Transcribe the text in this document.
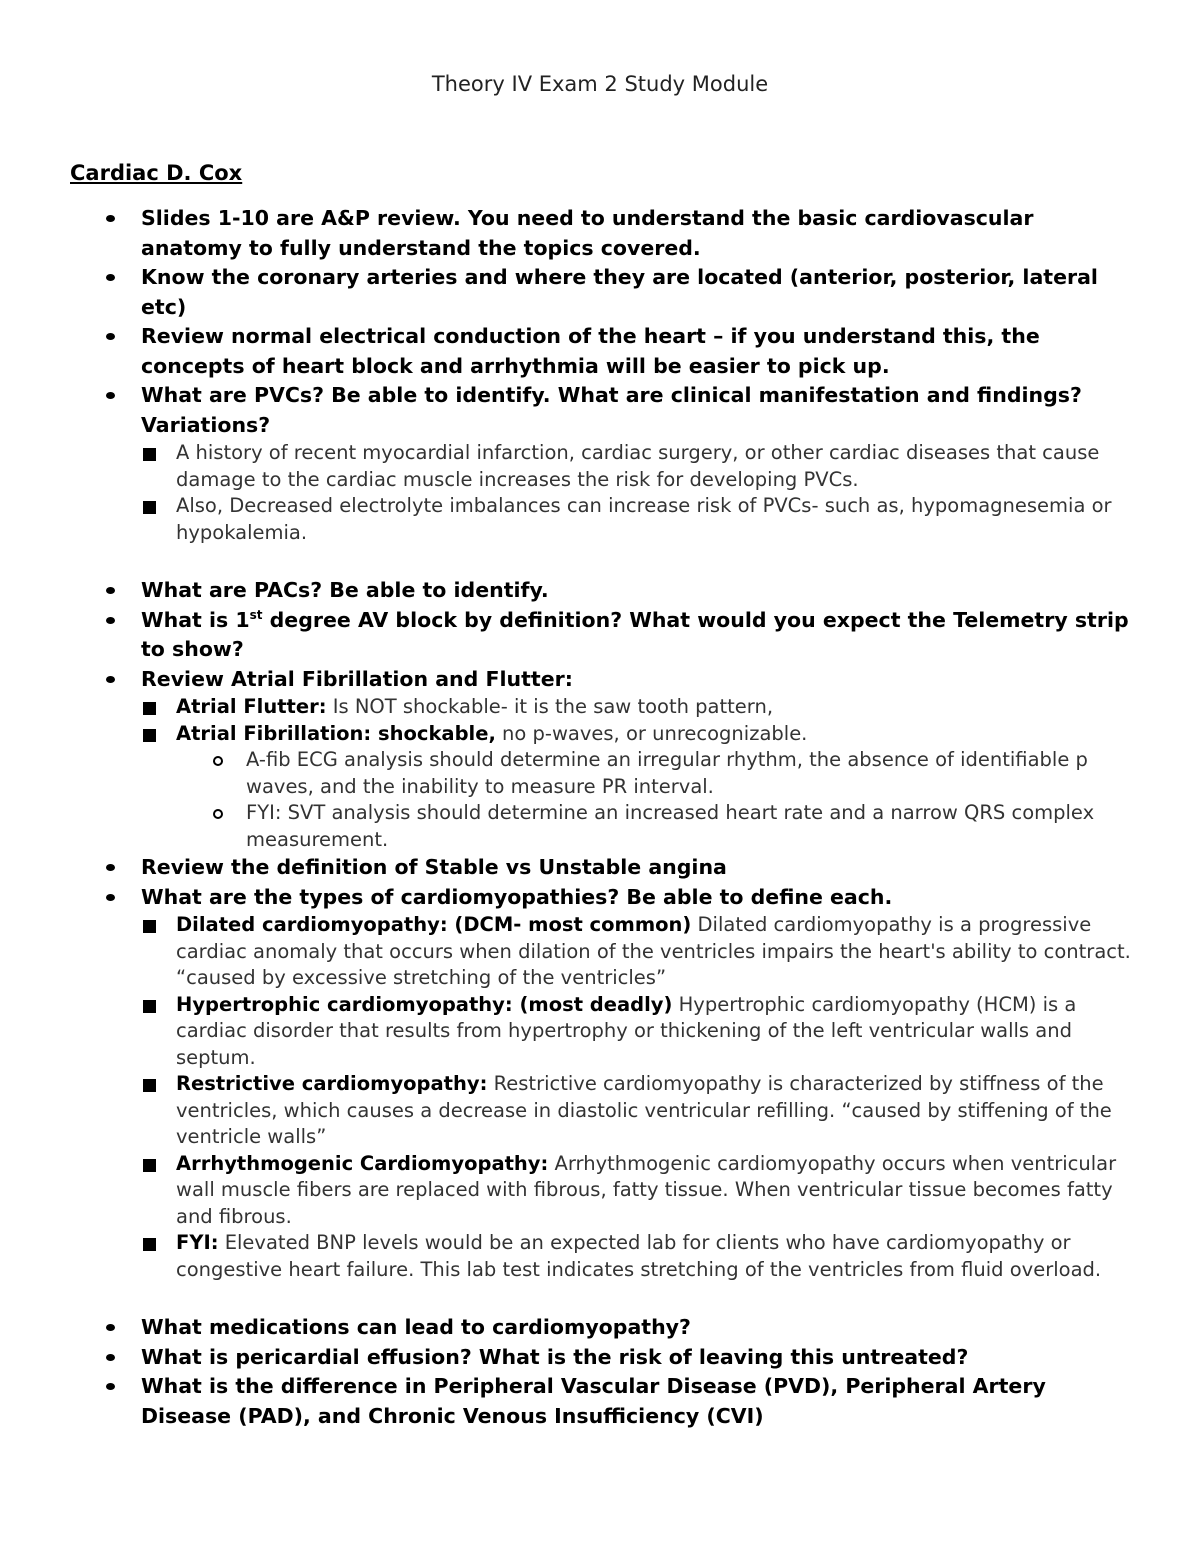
Theory IV Exam 2 Study Module
Cardiac D. Cox
Slides 1-10 are A&P review. You need to understand the basic cardiovascular anatomy to fully understand the topics covered.
Know the coronary arteries and where they are located (anterior, posterior, lateral etc)
Review normal electrical conduction of the heart – if you understand this, the concepts of heart block and arrhythmia will be easier to pick up.
What are PVCs? Be able to identify. What are clinical manifestation and findings? Variations?
A history of recent myocardial infarction, cardiac surgery, or other cardiac diseases that cause damage to the cardiac muscle increases the risk for developing PVCs.
Also, Decreased electrolyte imbalances can increase risk of PVCs- such as, hypomagnesemia or hypokalemia.
What are PACs? Be able to identify.
What is 1st degree AV block by definition? What would you expect the Telemetry strip to show?
Review Atrial Fibrillation and Flutter:
Atrial Flutter: Is NOT shockable- it is the saw tooth pattern,
Atrial Fibrillation: shockable, no p-waves, or unrecognizable.
A-fib ECG analysis should determine an irregular rhythm, the absence of identifiable p waves, and the inability to measure PR interval.
FYI: SVT analysis should determine an increased heart rate and a narrow QRS complex measurement.
Review the definition of Stable vs Unstable angina
What are the types of cardiomyopathies? Be able to define each.
Dilated cardiomyopathy: (DCM- most common) Dilated cardiomyopathy is a progressive cardiac anomaly that occurs when dilation of the ventricles impairs the heart's ability to contract. “caused by excessive stretching of the ventricles”
Hypertrophic cardiomyopathy: (most deadly) Hypertrophic cardiomyopathy (HCM) is a cardiac disorder that results from hypertrophy or thickening of the left ventricular walls and septum.
Restrictive cardiomyopathy: Restrictive cardiomyopathy is characterized by stiffness of the ventricles, which causes a decrease in diastolic ventricular refilling. “caused by stiffening of the ventricle walls”
Arrhythmogenic Cardiomyopathy: Arrhythmogenic cardiomyopathy occurs when ventricular wall muscle fibers are replaced with fibrous, fatty tissue. When ventricular tissue becomes fatty and fibrous.
FYI: Elevated BNP levels would be an expected lab for clients who have cardiomyopathy or congestive heart failure. This lab test indicates stretching of the ventricles from fluid overload.
What medications can lead to cardiomyopathy?
What is pericardial effusion? What is the risk of leaving this untreated?
What is the difference in Peripheral Vascular Disease (PVD), Peripheral Artery Disease (PAD), and Chronic Venous Insufficiency (CVI)
